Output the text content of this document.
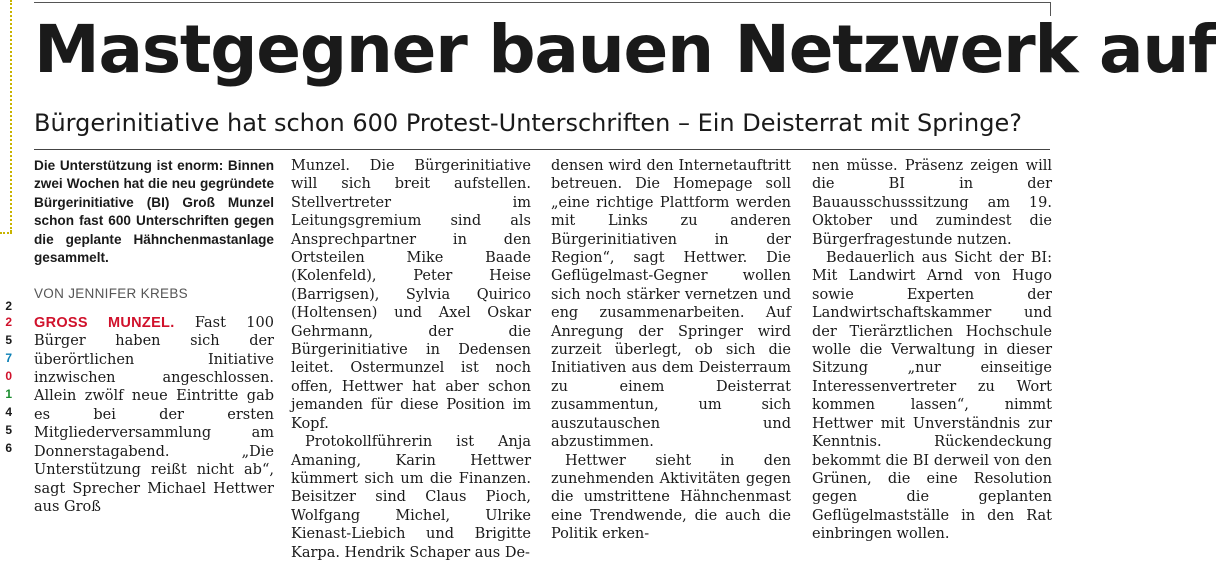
2
2
5
7
0
1
4
5
6
Mastgegner bauen Netzwerk auf
Bürgerinitiative hat schon 600 Protest-Unterschriften – Ein Deisterrat mit Springe?

Die Unterstützung ist enorm: Binnen zwei Wochen hat die neu gegründete Bürgerinitiative (BI) Groß Munzel schon fast 600 Unterschriften gegen die geplante Hähnchenmastanlage gesammelt.

VON JENNIFER KREBS

GROSS MUNZEL. Fast 100 Bürger haben sich der überörtlichen Initiative inzwischen angeschlossen. Allein zwölf neue Eintritte gab es bei der ersten Mitgliederversammlung am Donnerstagabend. „Die Unterstützung reißt nicht ab“, sagt Sprecher Michael Hettwer aus Groß

Munzel. Die Bürgerinitiative will sich breit aufstellen. Stellvertreter im Leitungsgremium sind als Ansprechpartner in den Ortsteilen Mike Baade (Kolenfeld), Peter Heise (Barrigsen), Sylvia Quirico (Holtensen) und Axel Oskar Gehrmann, der die Bürgerinitiative in Dedensen leitet. Ostermunzel ist noch offen, Hettwer hat aber schon jemanden für diese Position im Kopf.

Protokollführerin ist Anja Amaning, Karin Hettwer kümmert sich um die Finanzen. Beisitzer sind Claus Pioch, Wolfgang Michel, Ulrike Kienast-Liebich und Brigitte Karpa. Hendrik Schaper aus De-

densen wird den Internetauftritt betreuen. Die Homepage soll „eine richtige Plattform werden mit Links zu anderen Bürgerinitiativen in der Region“, sagt Hettwer. Die Geflügelmast-Gegner wollen sich noch stärker vernetzen und eng zusammenarbeiten. Auf Anregung der Springer wird zurzeit überlegt, ob sich die Initiativen aus dem Deisterraum zu einem Deisterrat zusammentun, um sich auszutauschen und abzustimmen.

Hettwer sieht in den zunehmenden Aktivitäten gegen die umstrittene Hähnchenmast eine Trendwende, die auch die Politik erken-

nen müsse. Präsenz zeigen will die BI in der Bauausschusssitzung am 19. Oktober und zumindest die Bürgerfragestunde nutzen.

Bedauerlich aus Sicht der BI: Mit Landwirt Arnd von Hugo sowie Experten der Landwirtschaftskammer und der Tierärztlichen Hochschule wolle die Verwaltung in dieser Sitzung „nur einseitige Interessenvertreter zu Wort kommen lassen“, nimmt Hettwer mit Unverständnis zur Kenntnis. Rückendeckung bekommt die BI derweil von den Grünen, die eine Resolution gegen die geplanten Geflügelmastställe in den Rat einbringen wollen.
